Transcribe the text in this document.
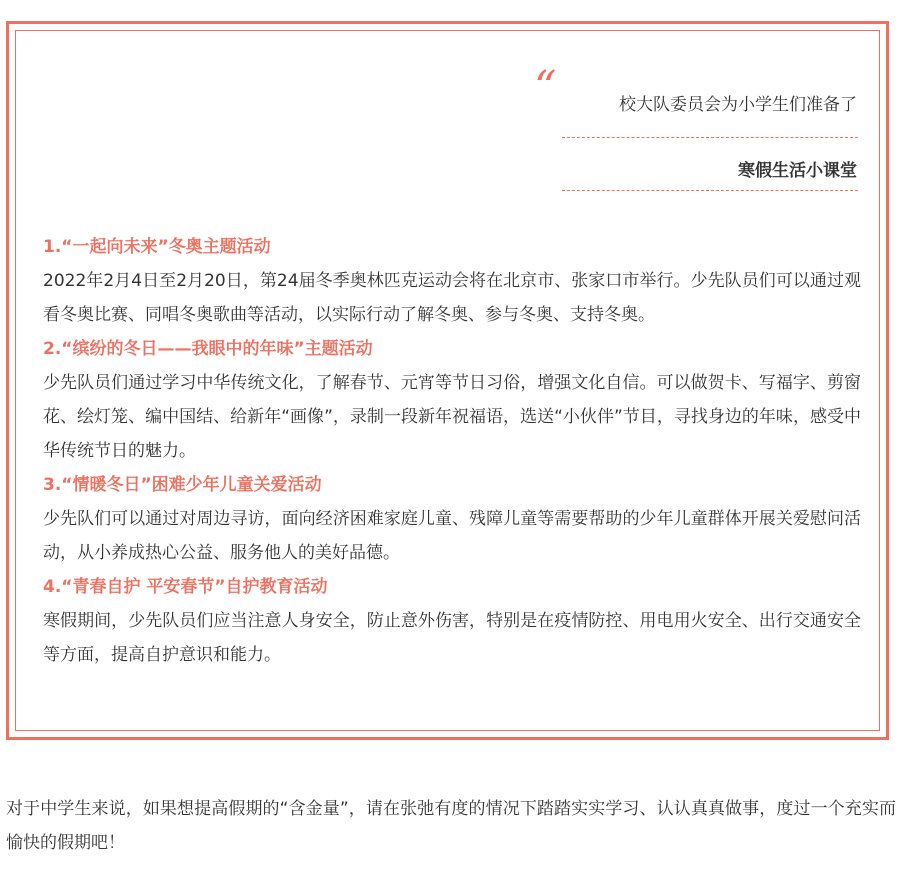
“	校大队委员会为小学生们准备了
寒假生活小课堂
1.“一起向未来”冬奥主题活动
2022年2月4日至2月20日，第24届冬季奥林匹克运动会将在北京市、张家口市举行。少先队员们可以通过观看冬奥比赛、同唱冬奥歌曲等活动，以实际行动了解冬奥、参与冬奥、支持冬奥。
2.“缤纷的冬日——我眼中的年味”主题活动
少先队员们通过学习中华传统文化，了解春节、元宵等节日习俗，增强文化自信。可以做贺卡、写福字、剪窗花、绘灯笼、编中国结、给新年“画像”，录制一段新年祝福语，选送“小伙伴”节目，寻找身边的年味，感受中华传统节日的魅力。
3.“情暖冬日”困难少年儿童关爱活动
少先队们可以通过对周边寻访，面向经济困难家庭儿童、残障儿童等需要帮助的少年儿童群体开展关爱慰问活动，从小养成热心公益、服务他人的美好品德。
4.“青春自护 平安春节”自护教育活动
寒假期间，少先队员们应当注意人身安全，防止意外伤害，特别是在疫情防控、用电用火安全、出行交通安全等方面，提高自护意识和能力。
对于中学生来说，如果想提高假期的“含金量”，请在张弛有度的情况下踏踏实实学习、认认真真做事，度过一个充实而愉快的假期吧！
